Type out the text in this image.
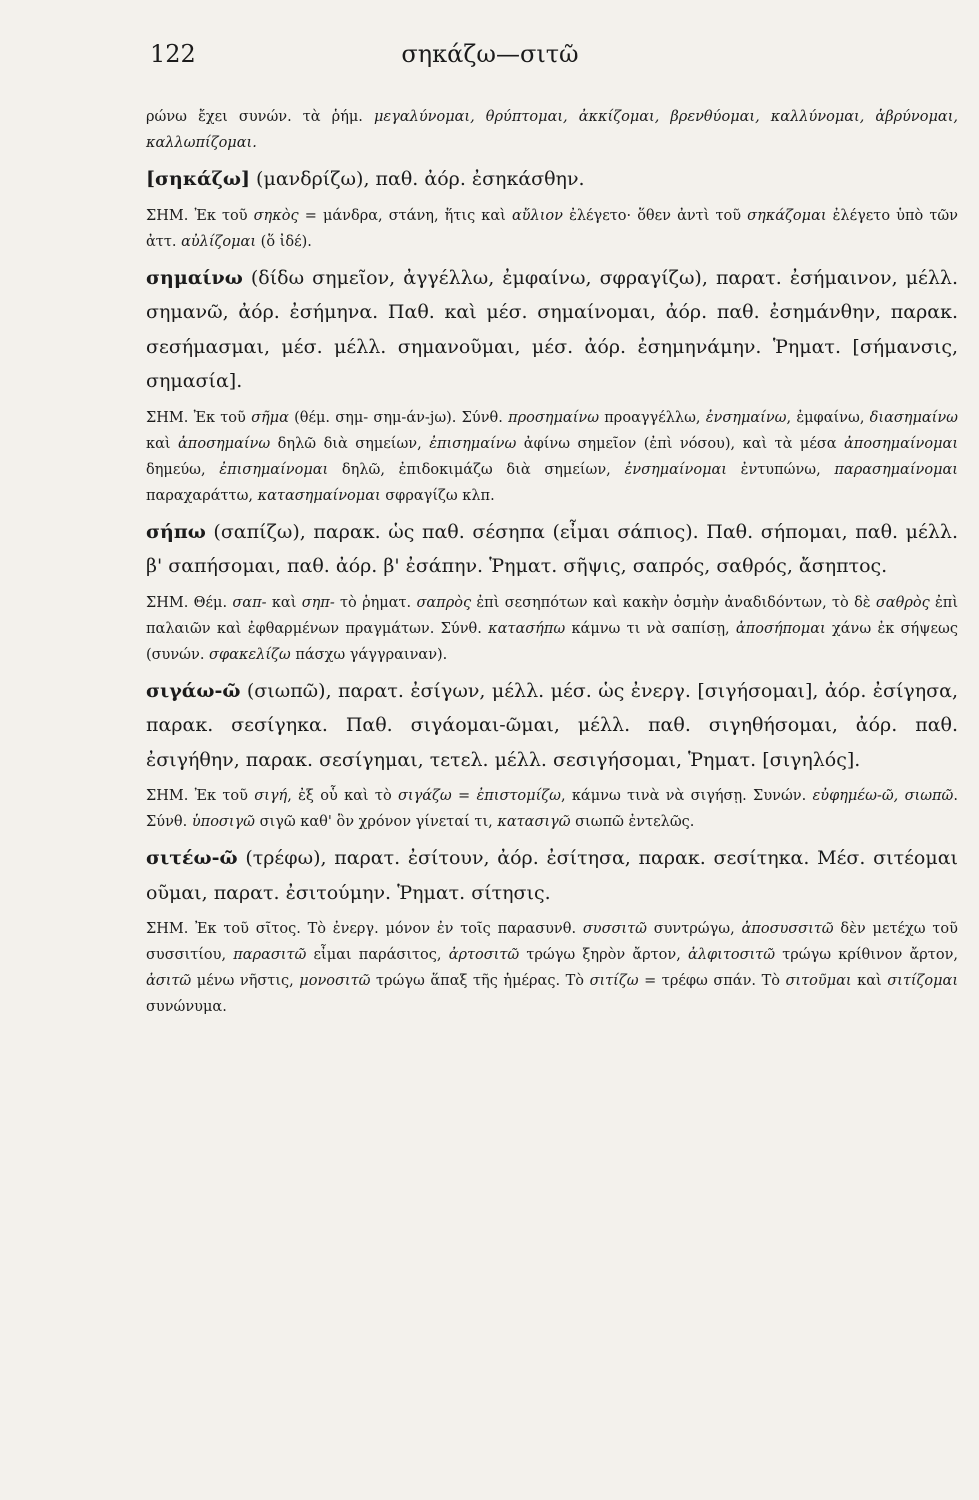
122	σηκάζω—σιτῶ

ρώνω ἔχει συνών. τὰ ῥήμ. μεγαλύνομαι, θρύπτομαι, ἀκκίζομαι, βρενθύομαι, καλλύνομαι, ἁβρύνομαι, καλλωπίζομαι.

[σηκάζω] (μανδρίζω), παθ. ἀόρ. ἐσηκάσθην.

ΣΗΜ. Ἐκ τοῦ σηκὸς = μάνδρα, στάνη, ἥτις καὶ αὔλιον ἐλέγετο· ὅθεν ἀντὶ τοῦ σηκάζομαι ἐλέγετο ὑπὸ τῶν ἀττ. αὐλίζομαι (ὅ ἰδέ).

σημαίνω (δίδω σημεῖον, ἀγγέλλω, ἐμφαίνω, σφραγίζω), παρατ. ἐσήμαινον, μέλλ. σημανῶ, ἀόρ. ἐσήμηνα. Παθ. καὶ μέσ. σημαίνομαι, ἀόρ. παθ. ἐσημάνθην, παρακ. σεσήμασμαι, μέσ. μέλλ. σημανοῦμαι, μέσ. ἀόρ. ἐσημηνάμην. Ῥηματ. [σήμανσις, σημασία].

ΣΗΜ. Ἐκ τοῦ σῆμα (θέμ. σημ- σημ-άν-jω). Σύνθ. προσημαίνω προαγγέλλω, ἐνσημαίνω, ἐμφαίνω, διασημαίνω καὶ ἀποσημαίνω δηλῶ διὰ σημείων, ἐπισημαίνω ἀφίνω σημεῖον (ἐπὶ νόσου), καὶ τὰ μέσα ἀποσημαίνομαι δημεύω, ἐπισημαίνομαι δηλῶ, ἐπιδοκιμάζω διὰ σημείων, ἐνσημαίνομαι ἐντυπώνω, παρασημαίνομαι παραχαράττω, κατασημαίνομαι σφραγίζω κλπ.

σήπω (σαπίζω), παρακ. ὡς παθ. σέσηπα (εἶμαι σάπιος). Παθ. σήπομαι, παθ. μέλλ. β' σαπήσομαι, παθ. ἀόρ. β' ἐσάπην. Ῥηματ. σῆψις, σαπρός, σαθρός, ἄσηπτος.

ΣΗΜ. Θέμ. σαπ- καὶ σηπ- τὸ ῥηματ. σαπρὸς ἐπὶ σεσηπότων καὶ κακὴν ὀσμὴν ἀναδιδόντων, τὸ δὲ σαθρὸς ἐπὶ παλαιῶν καὶ ἐφθαρμένων πραγμάτων. Σύνθ. κατασήπω κάμνω τι νὰ σαπίσῃ, ἀποσήπομαι χάνω ἐκ σήψεως (συνών. σφακελίζω πάσχω γάγγραιναν).

σιγάω-ῶ (σιωπῶ), παρατ. ἐσίγων, μέλλ. μέσ. ὡς ἐνεργ. [σιγήσομαι], ἀόρ. ἐσίγησα, παρακ. σεσίγηκα. Παθ. σιγάομαι-ῶμαι, μέλλ. παθ. σιγηθήσομαι, ἀόρ. παθ. ἐσιγήθην, παρακ. σεσίγημαι, τετελ. μέλλ. σεσιγήσομαι, Ῥηματ. [σιγηλός].

ΣΗΜ. Ἐκ τοῦ σιγή, ἐξ οὗ καὶ τὸ σιγάζω = ἐπιστομίζω, κάμνω τινὰ νὰ σιγήσῃ. Συνών. εὐφημέω-ῶ, σιωπῶ. Σύνθ. ὑποσιγῶ σιγῶ καθ' ὃν χρόνον γίνεταί τι, κατασιγῶ σιωπῶ ἐντελῶς.

σιτέω-ῶ (τρέφω), παρατ. ἐσίτουν, ἀόρ. ἐσίτησα, παρακ. σεσίτηκα. Μέσ. σιτέομαι οῦμαι, παρατ. ἐσιτούμην. Ῥηματ. σίτησις.

ΣΗΜ. Ἐκ τοῦ σῖτος. Τὸ ἐνεργ. μόνον ἐν τοῖς παρασυνθ. συσσιτῶ συντρώγω, ἀποσυσσιτῶ δὲν μετέχω τοῦ συσσιτίου, παρασιτῶ εἶμαι παράσιτος, ἀρτοσιτῶ τρώγω ξηρὸν ἄρτον, ἀλφιτοσιτῶ τρώγω κρίθινον ἄρτον, ἀσιτῶ μένω νῆστις, μονοσιτῶ τρώγω ἅπαξ τῆς ἡμέρας. Τὸ σιτίζω = τρέφω σπάν. Τὸ σιτοῦμαι καὶ σιτίζομαι συνώνυμα.
